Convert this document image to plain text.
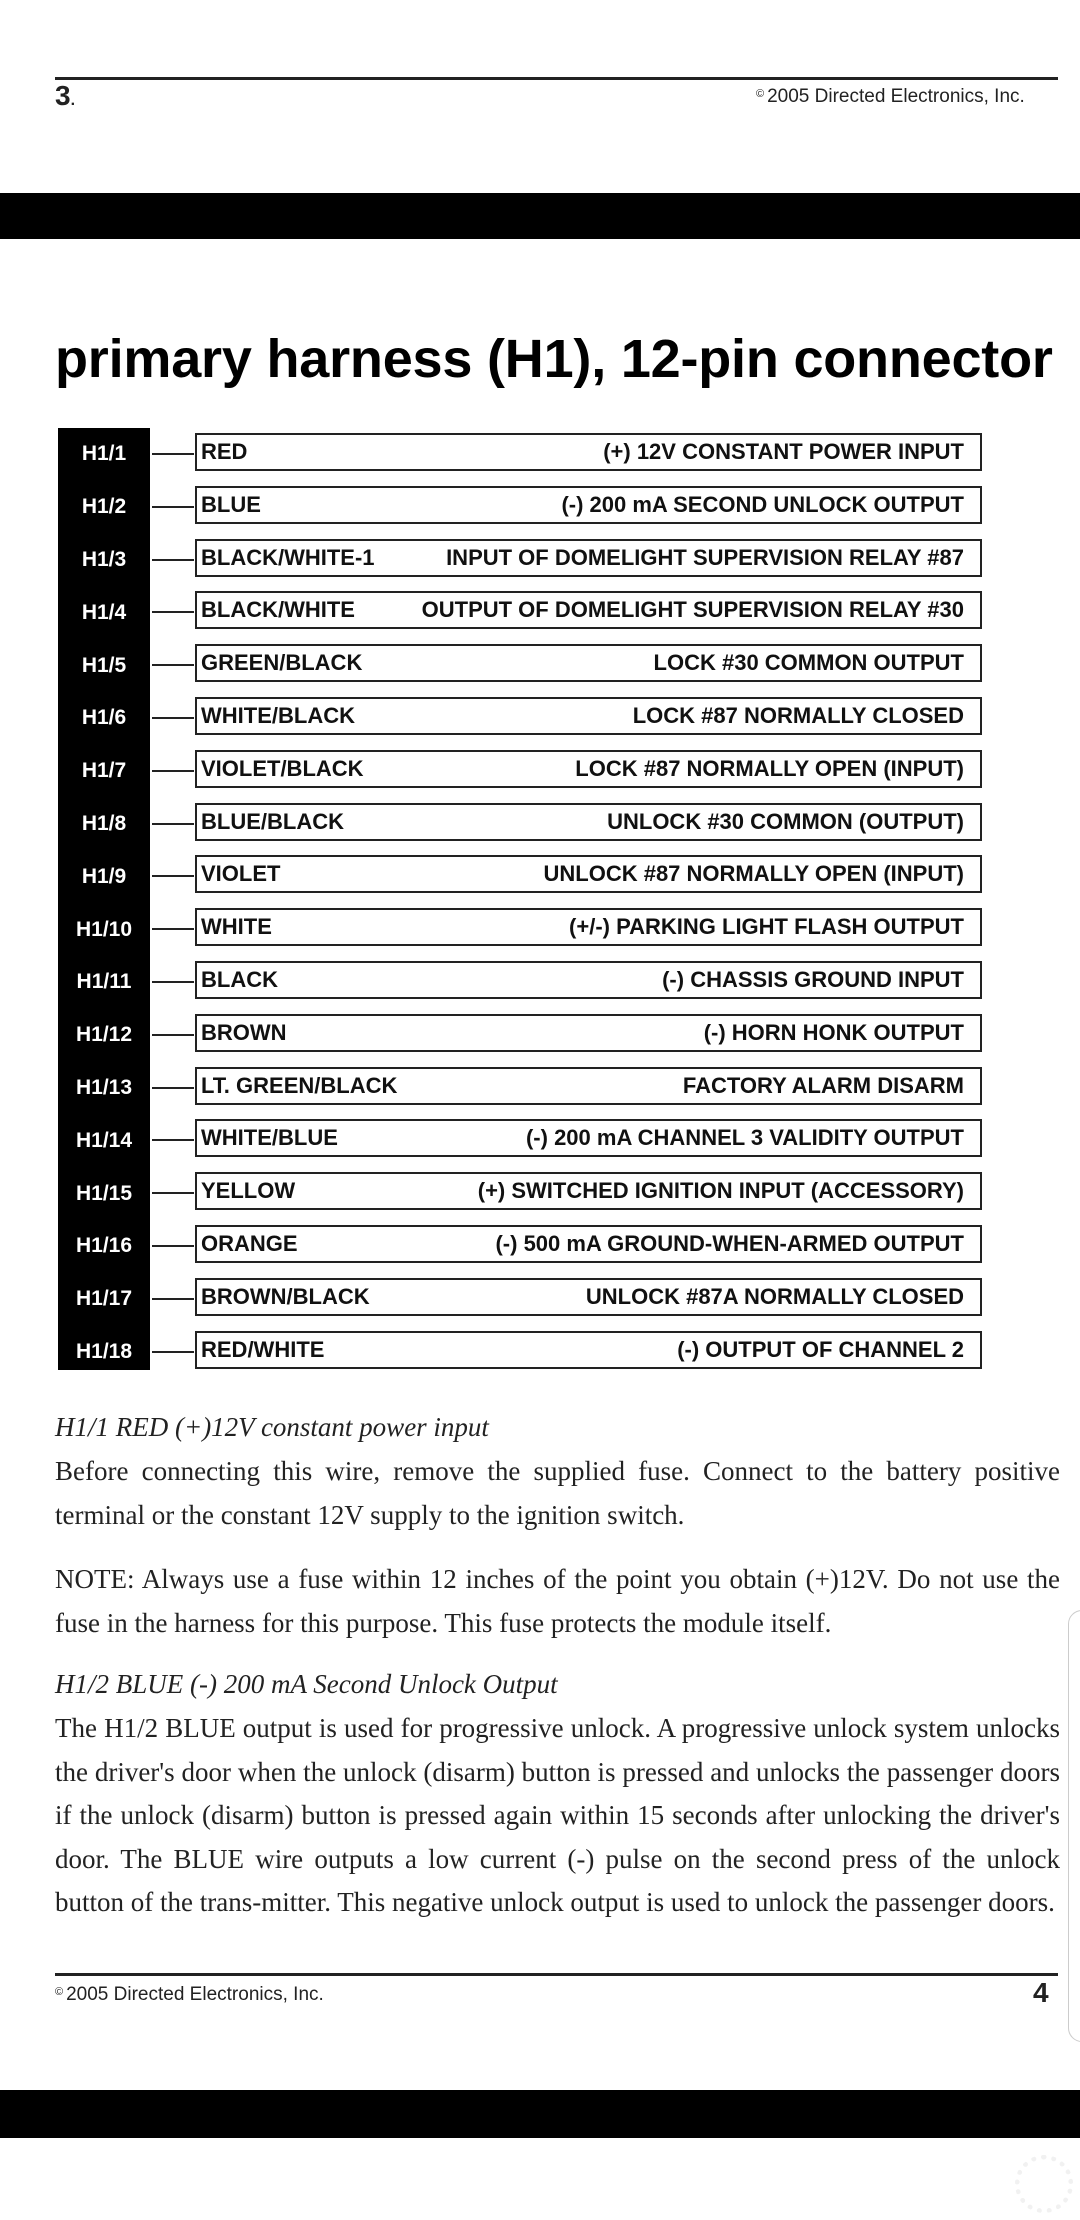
3.	© 2005 Directed Electronics, Inc.
primary harness (H1), 12-pin connector
H1/1	RED	(+) 12V CONSTANT POWER INPUT
H1/2	BLUE	(-) 200 mA SECOND UNLOCK OUTPUT
H1/3	BLACK/WHITE-1	INPUT OF DOMELIGHT SUPERVISION RELAY #87
H1/4	BLACK/WHITE	OUTPUT OF DOMELIGHT SUPERVISION RELAY #30
H1/5	GREEN/BLACK	LOCK #30 COMMON OUTPUT
H1/6	WHITE/BLACK	LOCK #87 NORMALLY CLOSED
H1/7	VIOLET/BLACK	LOCK #87 NORMALLY OPEN (INPUT)
H1/8	BLUE/BLACK	UNLOCK #30 COMMON (OUTPUT)
H1/9	VIOLET	UNLOCK #87 NORMALLY OPEN (INPUT)
H1/10	WHITE	(+/-) PARKING LIGHT FLASH OUTPUT
H1/11	BLACK	(-) CHASSIS GROUND INPUT
H1/12	BROWN	(-) HORN HONK OUTPUT
H1/13	LT. GREEN/BLACK	FACTORY ALARM DISARM
H1/14	WHITE/BLUE	(-) 200 mA CHANNEL 3 VALIDITY OUTPUT
H1/15	YELLOW	(+) SWITCHED IGNITION INPUT (ACCESSORY)
H1/16	ORANGE	(-) 500 mA GROUND-WHEN-ARMED OUTPUT
H1/17	BROWN/BLACK	UNLOCK #87A NORMALLY CLOSED
H1/18	RED/WHITE	(-) OUTPUT OF CHANNEL 2

H1/1 RED (+)12V constant power input

Before connecting this wire, remove the supplied fuse. Connect to the battery positive terminal or the constant 12V supply to the ignition switch.

NOTE: Always use a fuse within 12 inches of the point you obtain (+)12V. Do not use the fuse in the harness for this purpose. This fuse protects the module itself.

H1/2 BLUE (-) 200 mA Second Unlock Output

The H1/2 BLUE output is used for progressive unlock. A progressive unlock system unlocks the driver's door when the unlock (disarm) button is pressed and unlocks the passenger doors if the unlock (disarm) button is pressed again within 15 seconds after unlocking the driver's door. The BLUE wire outputs a low current (-) pulse on the second press of the unlock button of the trans-mitter. This negative unlock output is used to unlock the passenger doors.

© 2005 Directed Electronics, Inc.	4
